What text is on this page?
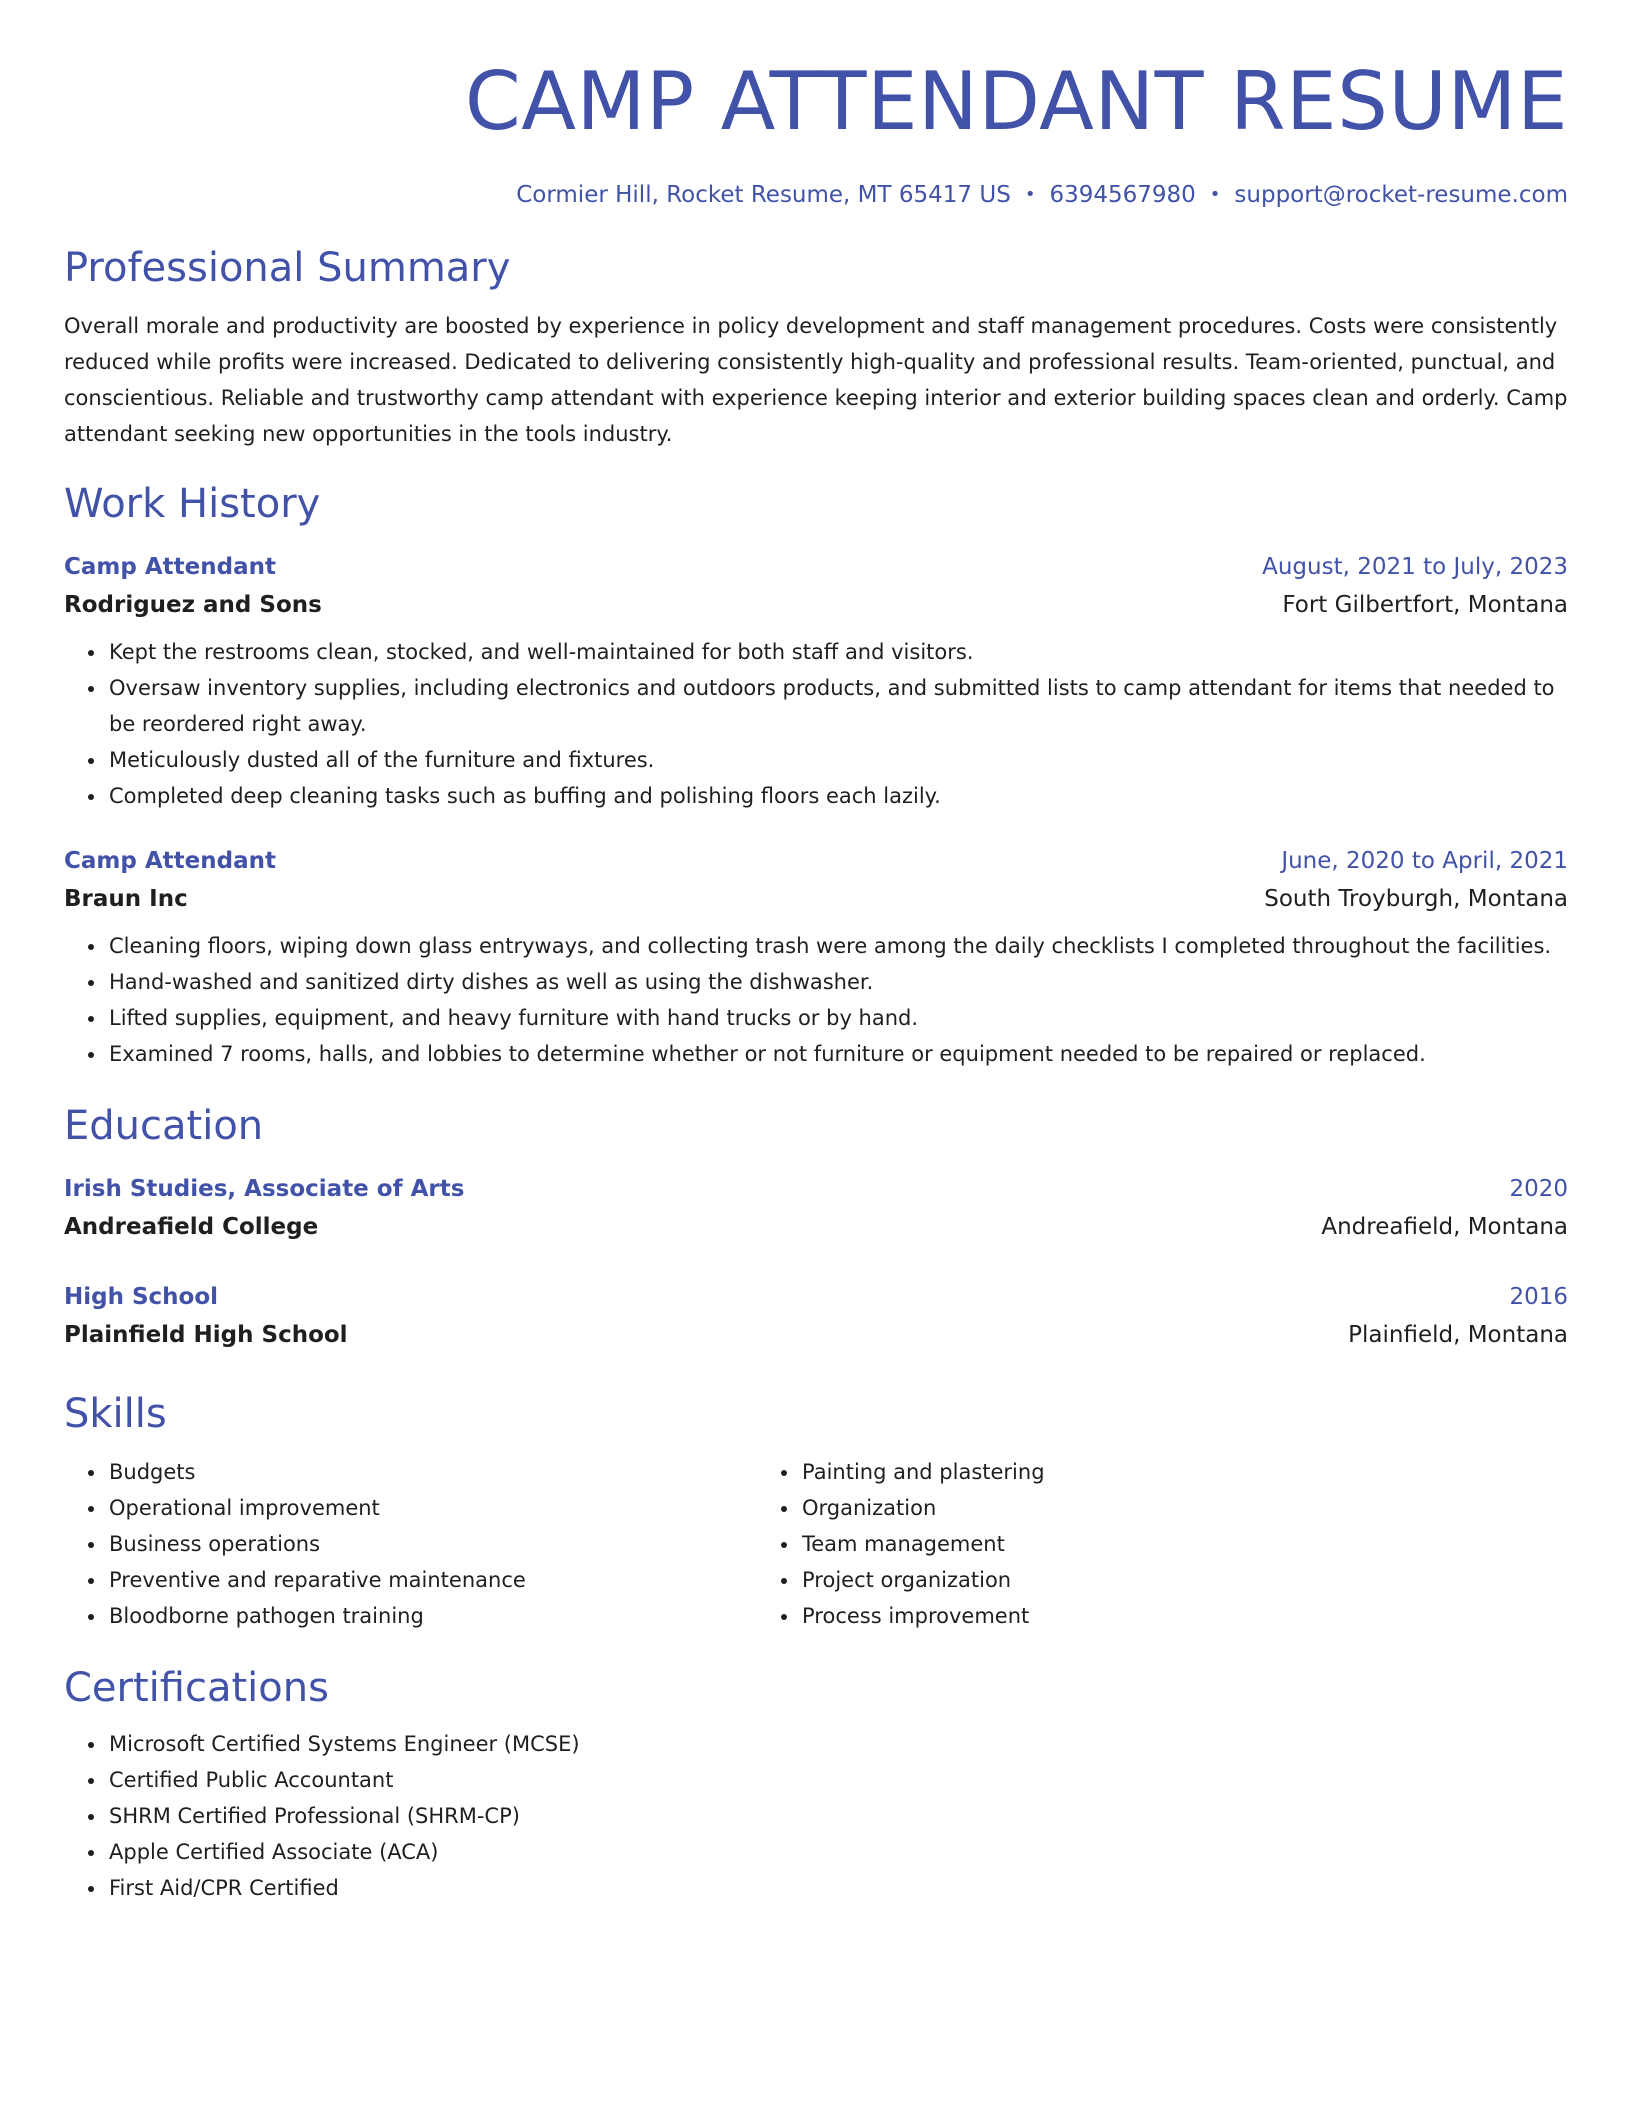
CAMP ATTENDANT RESUME
Cormier Hill, Rocket Resume, MT 65417 US • 6394567980 • support@rocket-resume.com
Professional Summary

Overall morale and productivity are boosted by experience in policy development and staff management procedures. Costs were consistently reduced while profits were increased. Dedicated to delivering consistently high-quality and professional results. Team-oriented, punctual, and conscientious. Reliable and trustworthy camp attendant with experience keeping interior and exterior building spaces clean and orderly. Camp attendant seeking new opportunities in the tools industry.

Work History
Camp Attendant	August, 2021 to July, 2023
Rodriguez and Sons	Fort Gilbertfort, Montana
• Kept the restrooms clean, stocked, and well-maintained for both staff and visitors.
• Oversaw inventory supplies, including electronics and outdoors products, and submitted lists to camp attendant for items that needed to be reordered right away.
• Meticulously dusted all of the furniture and fixtures.
• Completed deep cleaning tasks such as buffing and polishing floors each lazily.
Camp Attendant	June, 2020 to April, 2021
Braun Inc	South Troyburgh, Montana
• Cleaning floors, wiping down glass entryways, and collecting trash were among the daily checklists I completed throughout the facilities.
• Hand-washed and sanitized dirty dishes as well as using the dishwasher.
• Lifted supplies, equipment, and heavy furniture with hand trucks or by hand.
• Examined 7 rooms, halls, and lobbies to determine whether or not furniture or equipment needed to be repaired or replaced.
Education
Irish Studies, Associate of Arts	2020
Andreafield College	Andreafield, Montana
High School	2016
Plainfield High School	Plainfield, Montana
Skills
• Budgets
• Operational improvement
• Business operations
• Preventive and reparative maintenance
• Bloodborne pathogen training
• Painting and plastering
• Organization
• Team management
• Project organization
• Process improvement
Certifications
• Microsoft Certified Systems Engineer (MCSE)
• Certified Public Accountant
• SHRM Certified Professional (SHRM-CP)
• Apple Certified Associate (ACA)
• First Aid/CPR Certified
